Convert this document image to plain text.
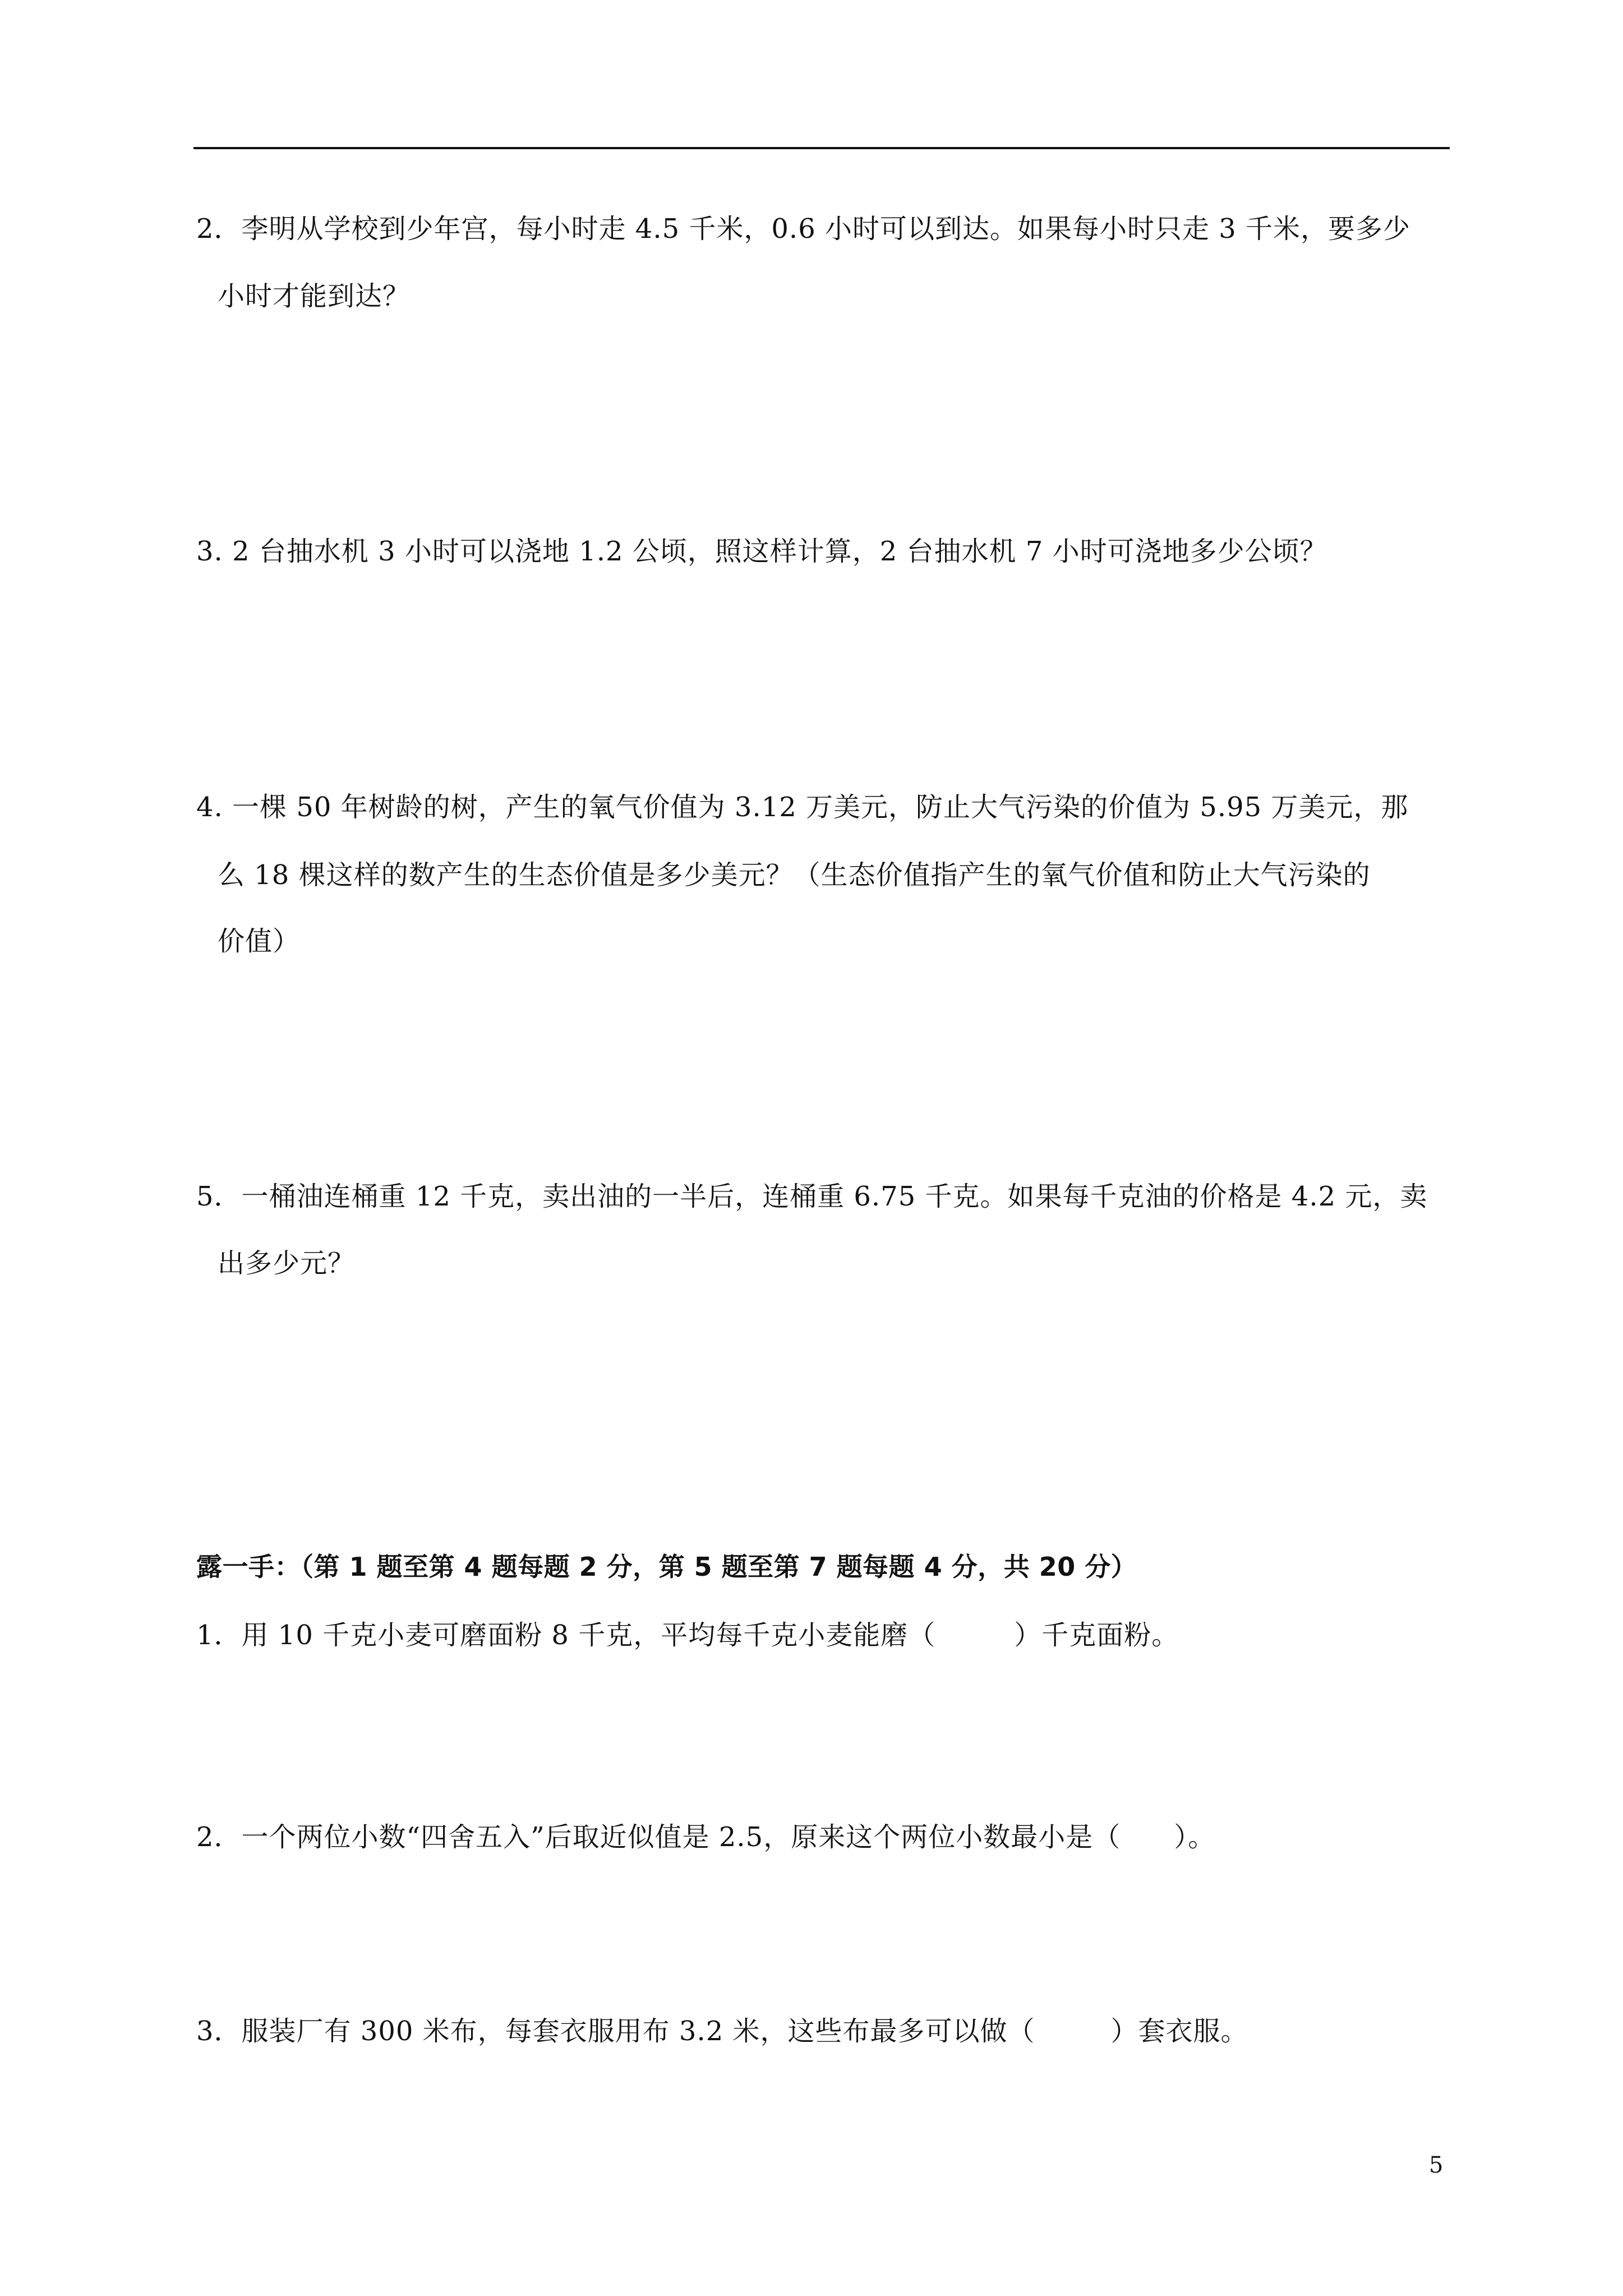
2．李明从学校到少年宫，每小时走 4.5 千米，0.6 小时可以到达。如果每小时只走 3 千米，要多少
小时才能到达？
3. 2 台抽水机 3 小时可以浇地 1.2 公顷，照这样计算，2 台抽水机 7 小时可浇地多少公顷？
4. 一棵 50 年树龄的树，产生的氧气价值为 3.12 万美元，防止大气污染的价值为 5.95 万美元，那
么 18 棵这样的数产生的生态价值是多少美元？（生态价值指产生的氧气价值和防止大气污染的
价值）
5．一桶油连桶重 12 千克，卖出油的一半后，连桶重 6.75 千克。如果每千克油的价格是 4.2 元，卖
出多少元？
露一手：（第 1 题至第 4 题每题 2 分，第 5 题至第 7 题每题 4 分，共 20 分）
1．用 10 千克小麦可磨面粉 8 千克，平均每千克小麦能磨（	）千克面粉。
2．一个两位小数“四舍五入”后取近似值是 2.5，原来这个两位小数最小是（ ）。
3．服装厂有 300 米布，每套衣服用布 3.2 米，这些布最多可以做（	）套衣服。
5
